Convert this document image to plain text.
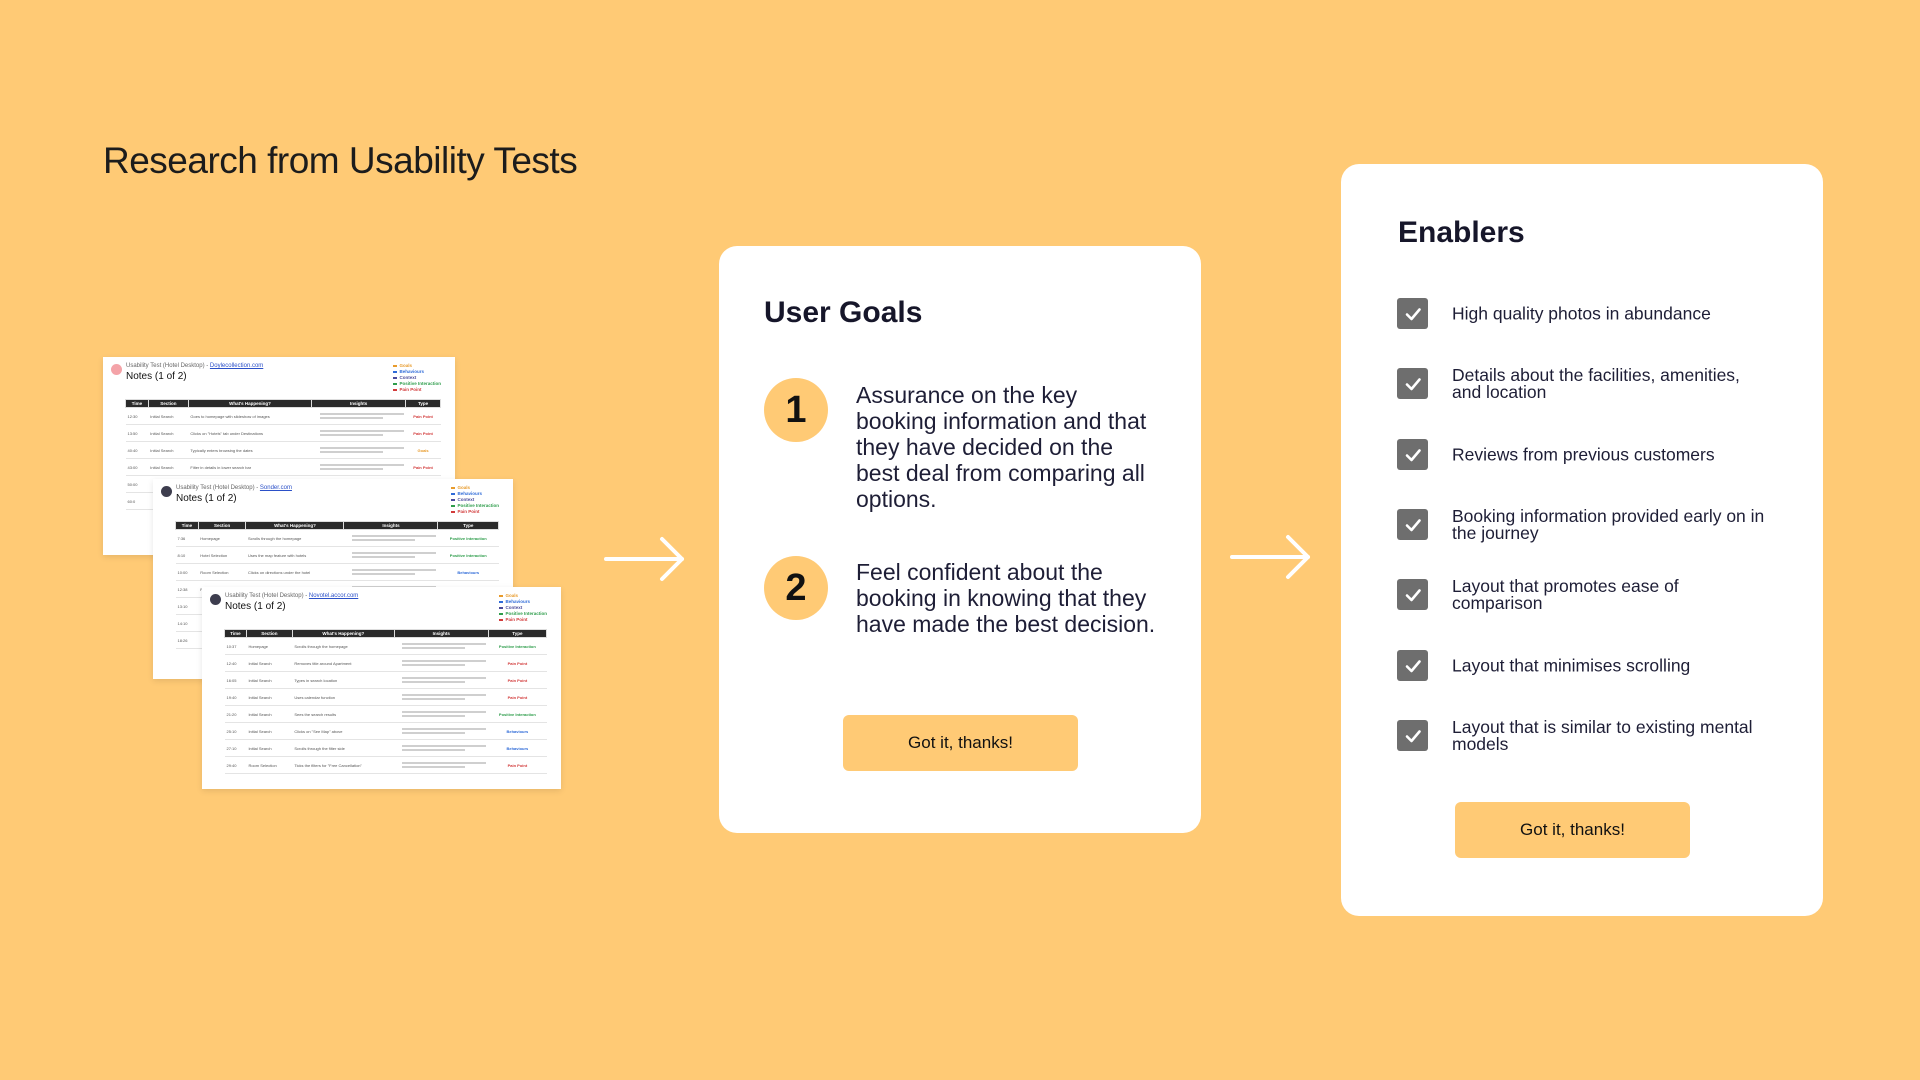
Research from Usability Tests
Usability Test (Hotel Desktop) - Doylecollection.com
Notes (1 of 2)
Goals
Behaviours
Context
Positive Interaction
Pain Point
Time	Section	What's Happening?	Insights	Type
12:30	Initial Search	Goes to homepage with slideshow of images		Pain Point
13:50	Initial Search	Clicks on "Hotels" tab under Destinations		Pain Point
40:40	Initial Search	Typically enters browsing the dates		Goals
43:00	Initial Search	Filter in details in lower search bar		Pain Point
50:00			

60:0			

Usability Test (Hotel Desktop) - Sonder.com
Notes (1 of 2)
Goals
Behaviours
Context
Positive Interaction
Pain Point
Time	Section	What's Happening?	Insights	Type
7:36	Homepage	Scrolls through the homepage		Positive Interaction
8:10	Hotel Selection	Uses the map feature with hotels		Positive Interaction
10:00	Room Selection	Clicks on directions under the hotel		Behaviours
12:38			

13:10			

14:10			

18:26			

Usability Test (Hotel Desktop) - Novotel.accor.com
Notes (1 of 2)
Goals
Behaviours
Context
Positive Interaction
Pain Point
Time	Section	What's Happening?	Insights	Type
10:37	Homepage	Scrolls through the homepage		Positive Interaction
12:40	Initial Search	Removes title around Apartment		Pain Point
16:05	Initial Search	Types in search location		Pain Point
19:40	Initial Search	Uses calendar function		Pain Point
21:20	Initial Search	Sees the search results		Positive Interaction
25:10	Initial Search	Clicks on "See Map" above		Behaviours
27:10	Initial Search	Scrolls through the filter side		Behaviours
29:40	Room Selection	Ticks the filters for "Free Cancellation"		Pain Point
User Goals
1	Assurance on the key booking information and that they have decided on the best deal from comparing all options.
2	Feel confident about the booking in knowing that they have made the best decision.
Got it, thanks!
Enablers
High quality photos in abundance
Details about the facilities, amenities, and location
Reviews from previous customers
Booking information provided early on in the journey
Layout that promotes ease of comparison
Layout that minimises scrolling
Layout that is similar to existing mental models
Got it, thanks!
